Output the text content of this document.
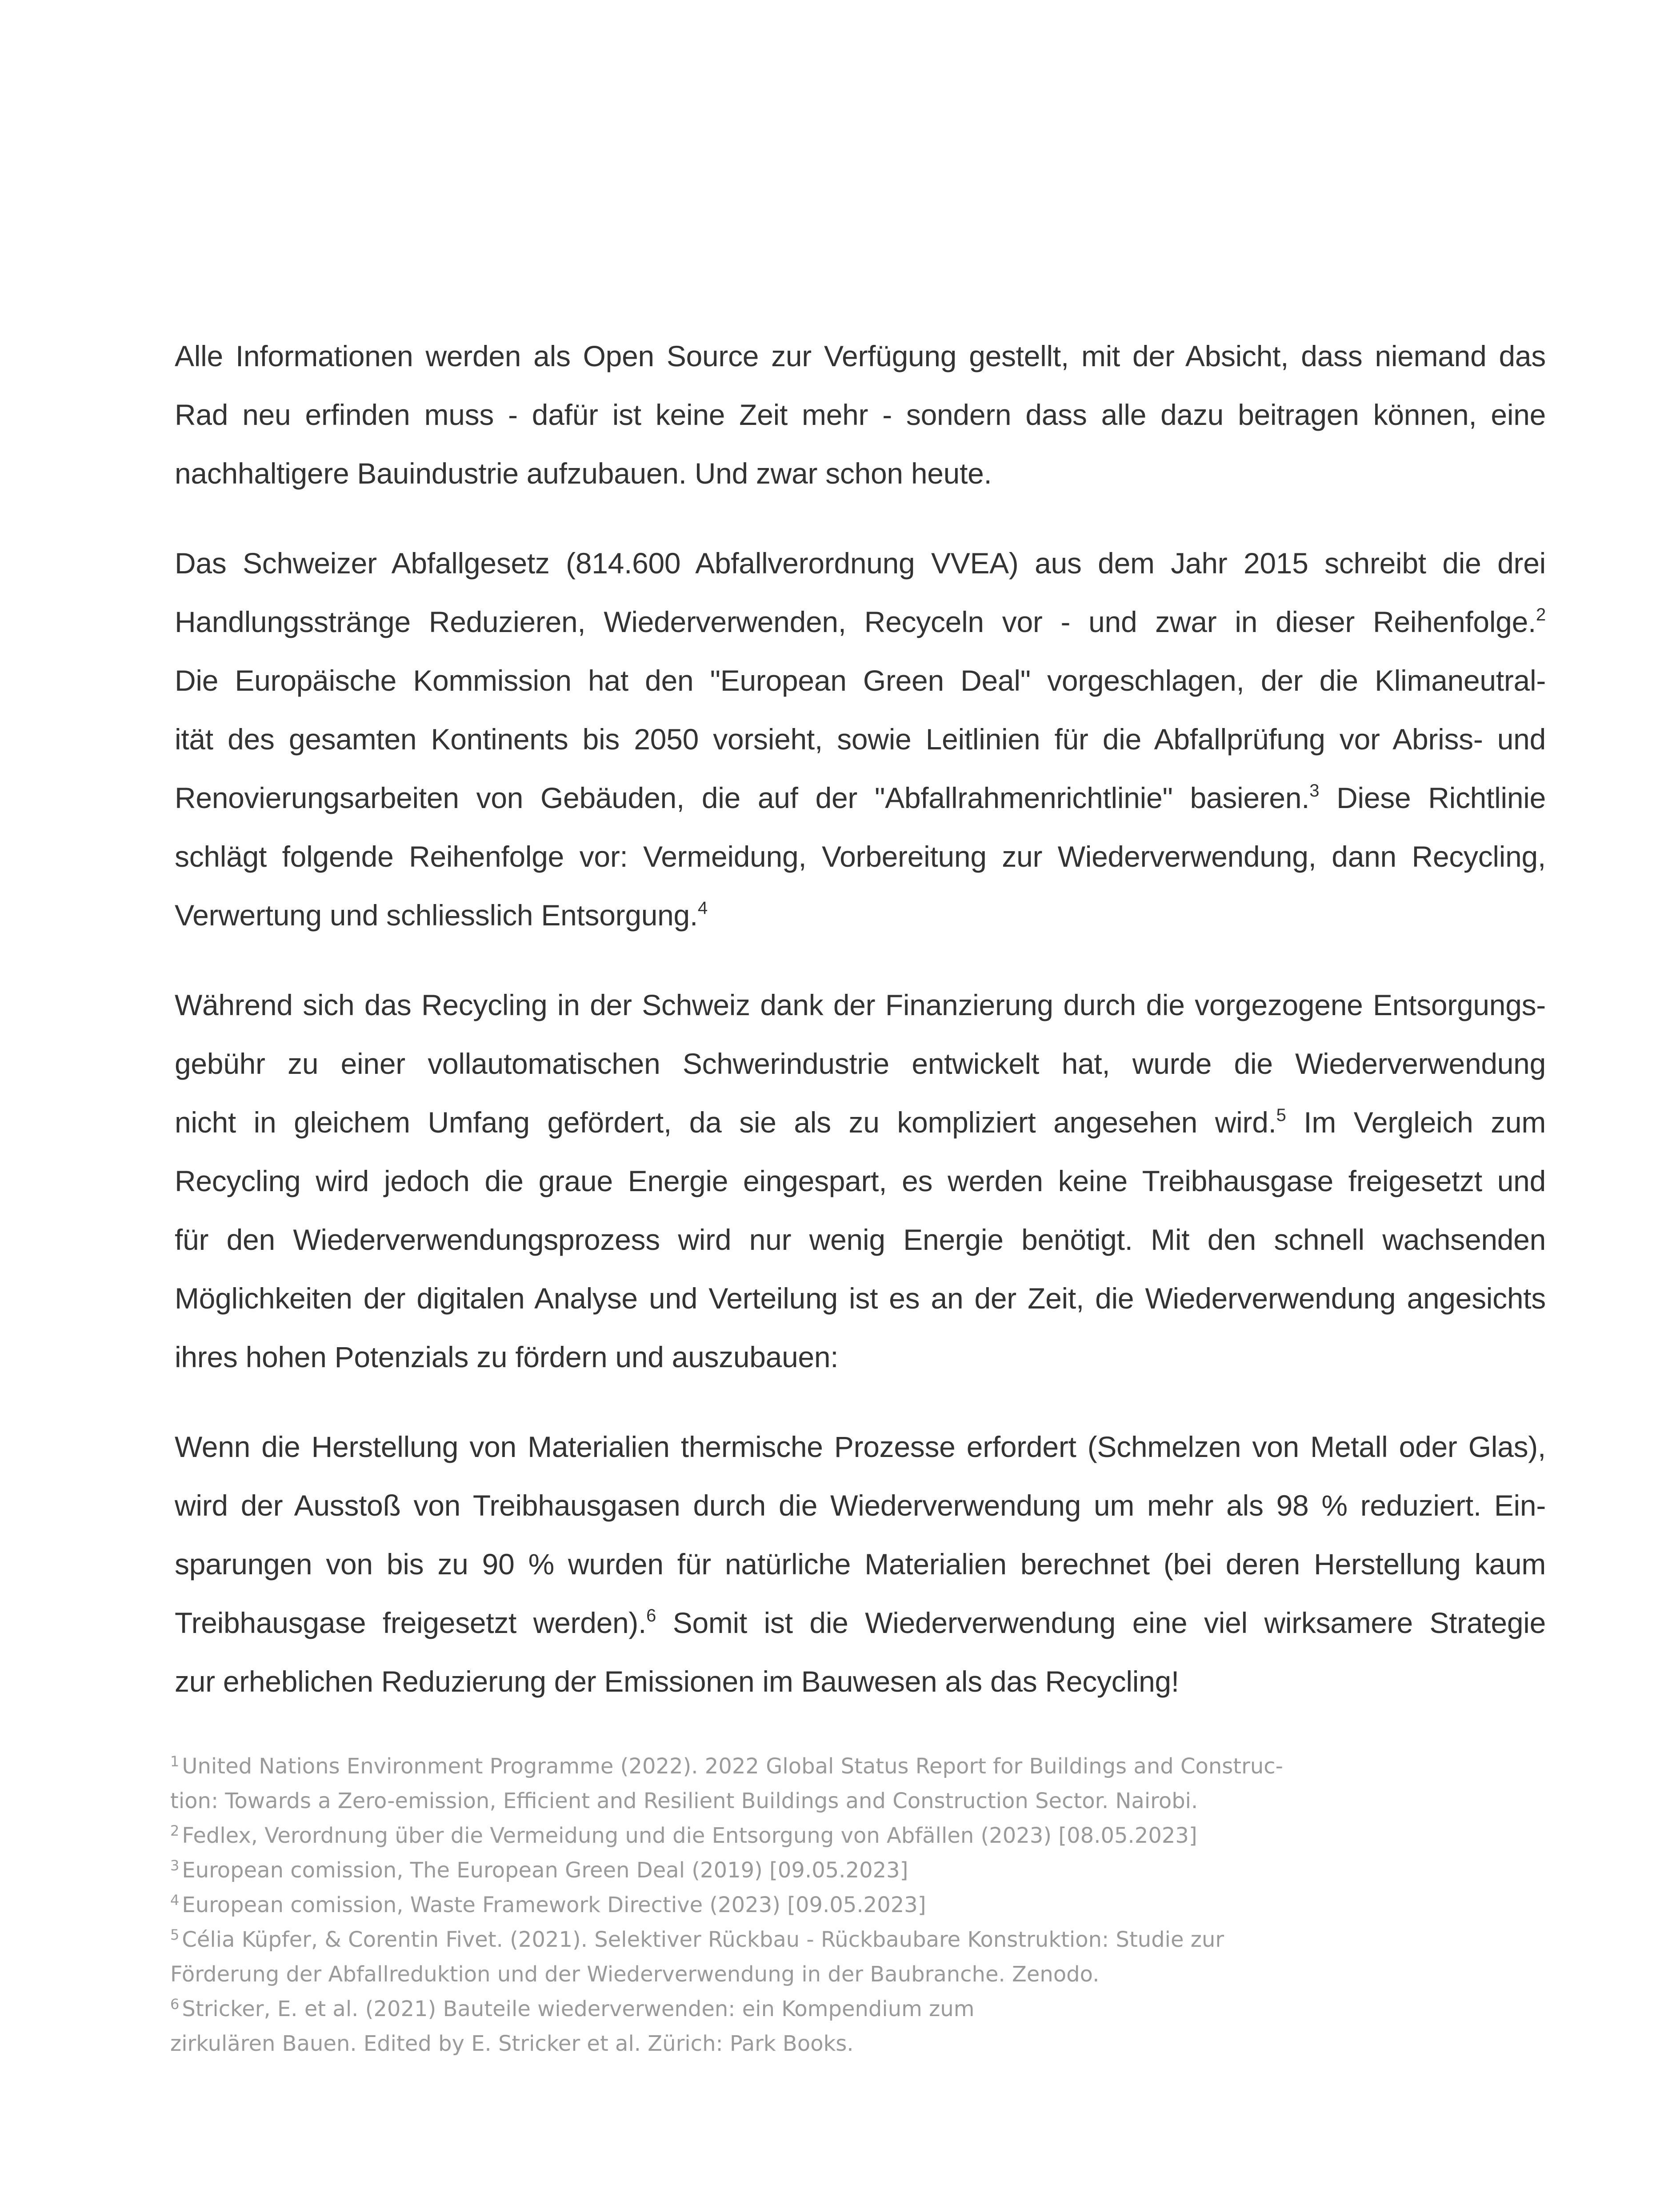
Alle Informationen werden als Open Source zur Verfügung gestellt, mit der Absicht, dass niemand das
Rad neu erfinden muss - dafür ist keine Zeit mehr - sondern dass alle dazu beitragen können, eine
nachhaltigere Bauindustrie aufzubauen. Und zwar schon heute.

Das Schweizer Abfallgesetz (814.600 Abfallverordnung VVEA) aus dem Jahr 2015 schreibt die drei
Handlungsstränge Reduzieren, Wiederverwenden, Recyceln vor - und zwar in dieser Reihenfolge.$^2$
Die Europäische Kommission hat den "European Green Deal" vorgeschlagen, der die Klimaneutral-
ität des gesamten Kontinents bis 2050 vorsieht, sowie Leitlinien für die Abfallprüfung vor Abriss- und
Renovierungsarbeiten von Gebäuden, die auf der "Abfallrahmenrichtlinie" basieren.$^3$ Diese Richtlinie
schlägt folgende Reihenfolge vor: Vermeidung, Vorbereitung zur Wiederverwendung, dann Recycling,
Verwertung und schliesslich Entsorgung.$^4$

Während sich das Recycling in der Schweiz dank der Finanzierung durch die vorgezogene Entsorgungs-
gebühr zu einer vollautomatischen Schwerindustrie entwickelt hat, wurde die Wiederverwendung
nicht in gleichem Umfang gefördert, da sie als zu kompliziert angesehen wird.$^5$ Im Vergleich zum
Recycling wird jedoch die graue Energie eingespart, es werden keine Treibhausgase freigesetzt und
für den Wiederverwendungsprozess wird nur wenig Energie benötigt. Mit den schnell wachsenden
Möglichkeiten der digitalen Analyse und Verteilung ist es an der Zeit, die Wiederverwendung angesichts
ihres hohen Potenzials zu fördern und auszubauen:

Wenn die Herstellung von Materialien thermische Prozesse erfordert (Schmelzen von Metall oder Glas),
wird der Ausstoß von Treibhausgasen durch die Wiederverwendung um mehr als 98 % reduziert. Ein-
sparungen von bis zu 90 % wurden für natürliche Materialien berechnet (bei deren Herstellung kaum
Treibhausgase freigesetzt werden).$^6$ Somit ist die Wiederverwendung eine viel wirksamere Strategie
zur erheblichen Reduzierung der Emissionen im Bauwesen als das Recycling!

$^1$ United Nations Environment Programme (2022). 2022 Global Status Report for Buildings and Construc-
tion: Towards a Zero-emission, Efficient and Resilient Buildings and Construction Sector. Nairobi.
$^2$ Fedlex, Verordnung über die Vermeidung und die Entsorgung von Abfällen (2023) [08.05.2023]
$^3$ European comission, The European Green Deal (2019) [09.05.2023]
$^4$ European comission, Waste Framework Directive (2023) [09.05.2023]
$^5$ Célia Küpfer, & Corentin Fivet. (2021). Selektiver Rückbau - Rückbaubare Konstruktion: Studie zur
Förderung der Abfallreduktion und der Wiederverwendung in der Baubranche. Zenodo.
$^6$ Stricker, E. et al. (2021) Bauteile wiederverwenden: ein Kompendium zum
zirkulären Bauen. Edited by E. Stricker et al. Zürich: Park Books.
